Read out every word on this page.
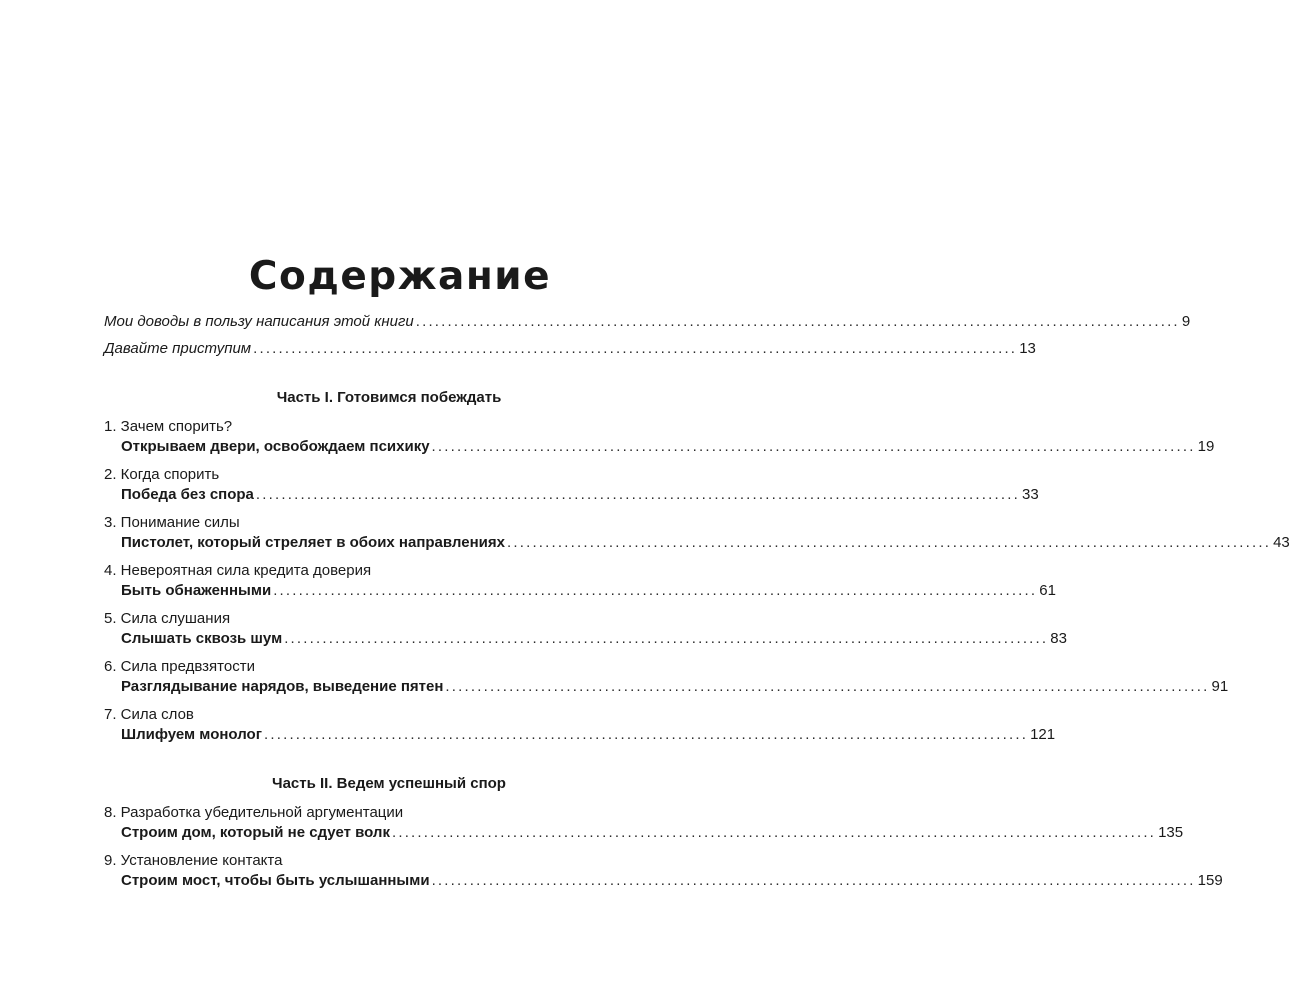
Содержание
Мои доводы в пользу написания этой книги ........................................................................................................................ 9
Давайте приступим ........................................................................................................................ 13
Часть I. Готовимся побеждать
1. Зачем спорить?
Открываем двери, освобождаем психику ........................................................................................................................ 19
2. Когда спорить
Победа без спора ........................................................................................................................ 33
3. Понимание силы
Пистолет, который стреляет в обоих направлениях ........................................................................................................................ 43
4. Невероятная сила кредита доверия
Быть обнаженными ........................................................................................................................ 61
5. Сила слушания
Слышать сквозь шум ........................................................................................................................ 83
6. Сила предвзятости
Разглядывание нарядов, выведение пятен ........................................................................................................................ 91
7. Сила слов
Шлифуем монолог ........................................................................................................................ 121
Часть II. Ведем успешный спор
8. Разработка убедительной аргументации
Строим дом, который не сдует волк ........................................................................................................................ 135
9. Установление контакта
Строим мост, чтобы быть услышанными ........................................................................................................................ 159
